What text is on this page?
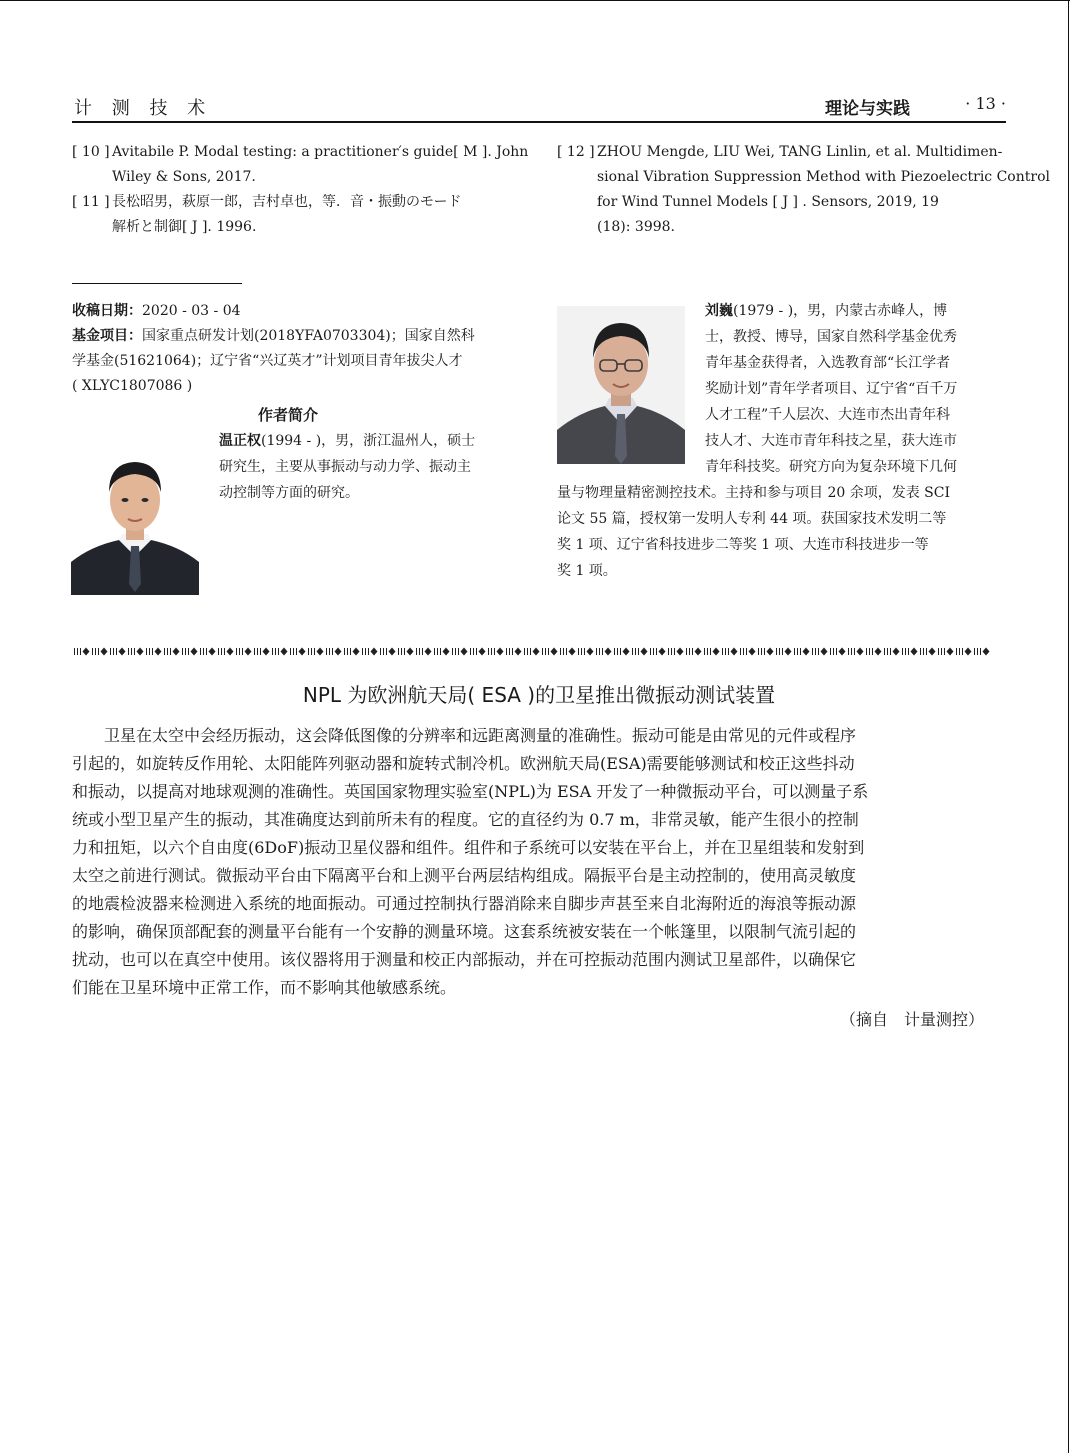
计 测 技 术	理论与实践	· 13 ·
[ 10 ] Avitabile P. Modal testing: a practitioner′s guide[ M ]. John
Wiley & Sons, 2017.
[ 11 ] 長松昭男，萩原一郎，吉村卓也，等．音・振動のモード
解析と制御[ J ]. 1996.
[ 12 ] ZHOU Mengde, LIU Wei, TANG Linlin, et al. Multidimen-
sional Vibration Suppression Method with Piezoelectric Control
for Wind Tunnel Models [ J ] . Sensors, 2019, 19
(18): 3998.
收稿日期：2020 - 03 - 04
基金项目：国家重点研发计划(2018YFA0703304)；国家自然科
学基金(51621064)；辽宁省“兴辽英才”计划项目青年拔尖人才
( XLYC1807086 )
作者简介
温正权(1994 - )，男，浙江温州人，硕士
研究生，主要从事振动与动力学、振动主
动控制等方面的研究。
刘巍(1979 - )，男，内蒙古赤峰人，博
士，教授、博导，国家自然科学基金优秀
青年基金获得者，入选教育部“长江学者
奖励计划”青年学者项目、辽宁省“百千万
人才工程”千人层次、大连市杰出青年科
技人才、大连市青年科技之星，获大连市
青年科技奖。研究方向为复杂环境下几何
量与物理量精密测控技术。主持和参与项目 20 余项，发表 SCI
论文 55 篇，授权第一发明人专利 44 项。获国家技术发明二等
奖 1 项、辽宁省科技进步二等奖 1 项、大连市科技进步一等
奖 1 项。
NPL 为欧洲航天局( ESA )的卫星推出微振动测试装置
　　卫星在太空中会经历振动，这会降低图像的分辨率和远距离测量的准确性。振动可能是由常见的元件或程序
引起的，如旋转反作用轮、太阳能阵列驱动器和旋转式制冷机。欧洲航天局(ESA)需要能够测试和校正这些抖动
和振动，以提高对地球观测的准确性。英国国家物理实验室(NPL)为 ESA 开发了一种微振动平台，可以测量子系
统或小型卫星产生的振动，其准确度达到前所未有的程度。它的直径约为 0.7 m，非常灵敏，能产生很小的控制
力和扭矩，以六个自由度(6DoF)振动卫星仪器和组件。组件和子系统可以安装在平台上，并在卫星组装和发射到
太空之前进行测试。微振动平台由下隔离平台和上测平台两层结构组成。隔振平台是主动控制的，使用高灵敏度
的地震检波器来检测进入系统的地面振动。可通过控制执行器消除来自脚步声甚至来自北海附近的海浪等振动源
的影响，确保顶部配套的测量平台能有一个安静的测量环境。这套系统被安装在一个帐篷里，以限制气流引起的
扰动，也可以在真空中使用。该仪器将用于测量和校正内部振动，并在可控振动范围内测试卫星部件，以确保它
们能在卫星环境中正常工作，而不影响其他敏感系统。
（摘自　计量测控）
